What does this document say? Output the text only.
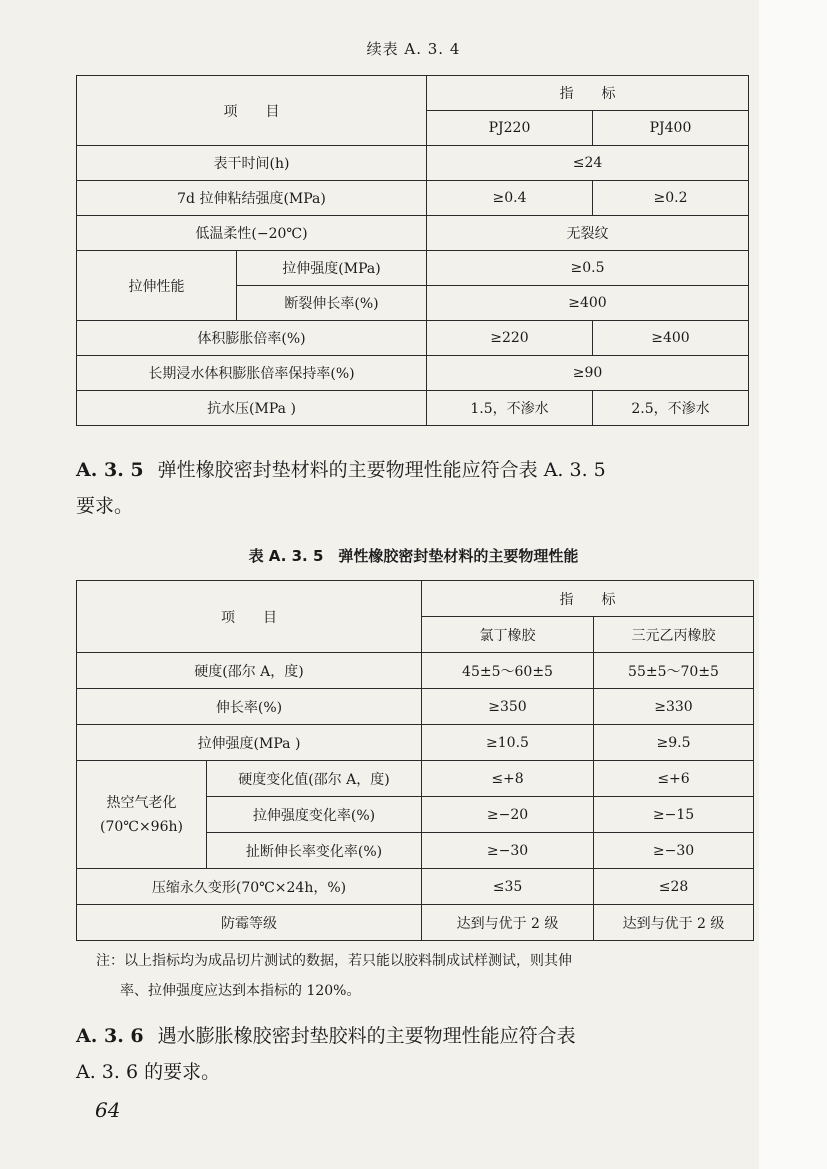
续表 A. 3. 4
项　　目		指　　标	
		PJ220	PJ400
表干时间(h)		≤24	
7d 拉伸粘结强度(MPa)		≥0.4	≥0.2
低温柔性(−20℃)		无裂纹	
拉伸性能	拉伸强度(MPa)	≥0.5	
	断裂伸长率(%)	≥400	
体积膨胀倍率(%)		≥220	≥400
长期浸水体积膨胀倍率保持率(%)		≥90	
抗水压(MPa )		1.5，不渗水	2.5，不渗水
A. 3. 5 弹性橡胶密封垫材料的主要物理性能应符合表 A. 3. 5
要求。
表 A. 3. 5　弹性橡胶密封垫材料的主要物理性能
项　　目		指　　标	
		氯丁橡胶	三元乙丙橡胶
硬度(邵尔 A，度)		45±5～60±5	55±5～70±5
伸长率(%)		≥350	≥330
拉伸强度(MPa )		≥10.5	≥9.5
热空气老化
(70℃×96h)	硬度变化值(邵尔 A，度)	≤+8	≤+6
	拉伸强度变化率(%)	≥−20	≥−15
	扯断伸长率变化率(%)	≥−30	≥−30
压缩永久变形(70℃×24h，%)		≤35	≤28
防霉等级		达到与优于 2 级	达到与优于 2 级
注：以上指标均为成品切片测试的数据，若只能以胶料制成试样测试，则其伸
率、拉伸强度应达到本指标的 120%。
A. 3. 6 遇水膨胀橡胶密封垫胶料的主要物理性能应符合表
A. 3. 6 的要求。
64
